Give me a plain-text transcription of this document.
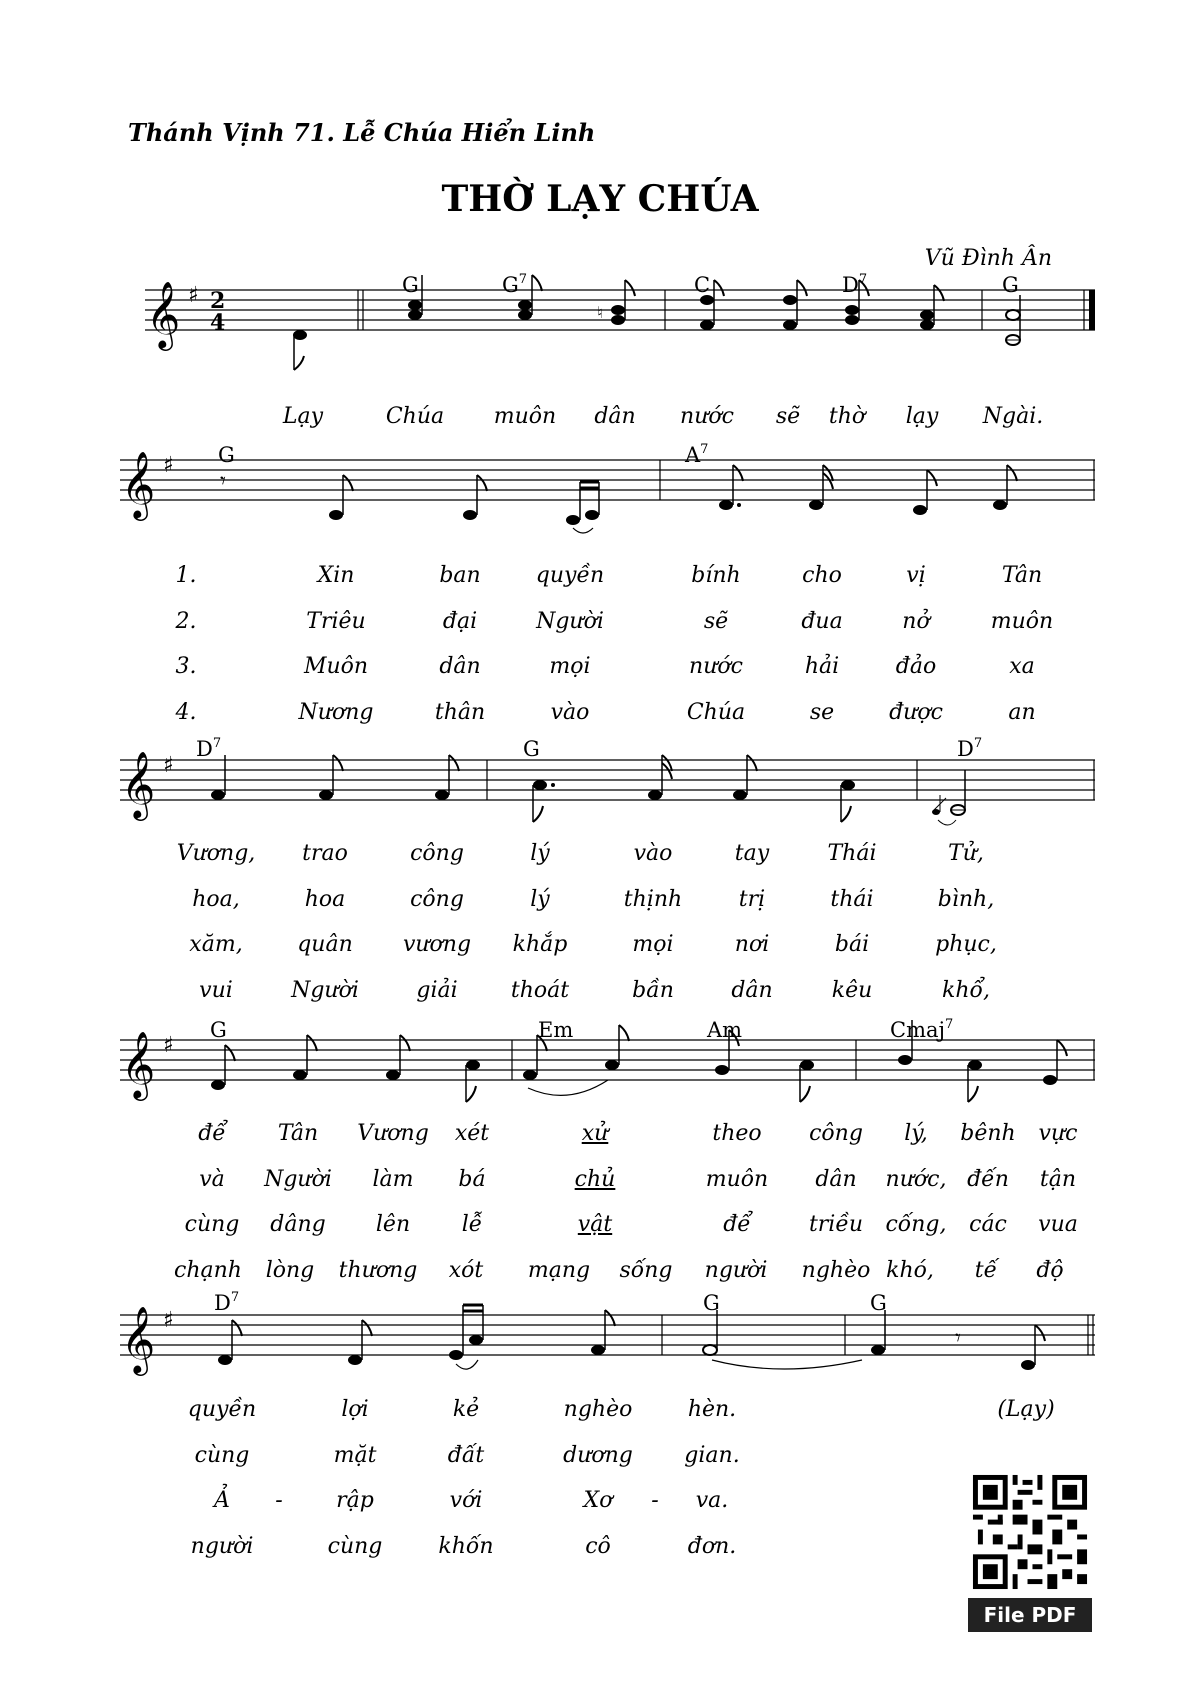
Thánh Vịnh 71. Lễ Chúa Hiển Linh
THỜ LẠY CHÚA
Vũ Đình Ân
𝄞 ♯ 2
4	♮
G	$G^7$	C	$D^7$	G
Lạy	Chúa muôn dân nước sẽ thờ lạy Ngài.
𝄞 ♯
𝄾
G	$A^7$
1.	Xin	ban	quyền	bính	cho	vị	Tân
2.	Triêu	đại	Người	sẽ	đua	nở	muôn
3.	Muôn	dân	mọi	nước	hải	đảo	xa
4.	Nương	thân	vào	Chúa	se được	an
𝄞 ♯
$D^7$	G	$D^7$
Vương, trao	công	lý	vào	tay	Thái	Tử,
hoa,	hoa	công	lý	thịnh	trị	thái	bình,
xăm, quân vương khắp	mọi	nơi	bái	phục,
vui	Người	giải thoát	bần	dân	kêu	khổ,
𝄞 ♯
G	Em	Am	Cmaj$^7$
để Tân Vương xét	xử	theo công lý, bênh vực
và Người làm bá	chủ	muôn dân nước, đến tận
cùng dâng lên lễ	vật	để	triều cống, các vua
chạnh lòng thương xót mạng sống người nghèo khó, tế độ
𝄞 ♯
𝄾
$D^7$	G	G
quyền	lợi	kẻ	nghèo	hèn.	(Lạy)
cùng	mặt	đất	dương gian.
Ả - rập	với	Xơ - va.
người	cùng	khốn	cô	đơn.
File PDF
